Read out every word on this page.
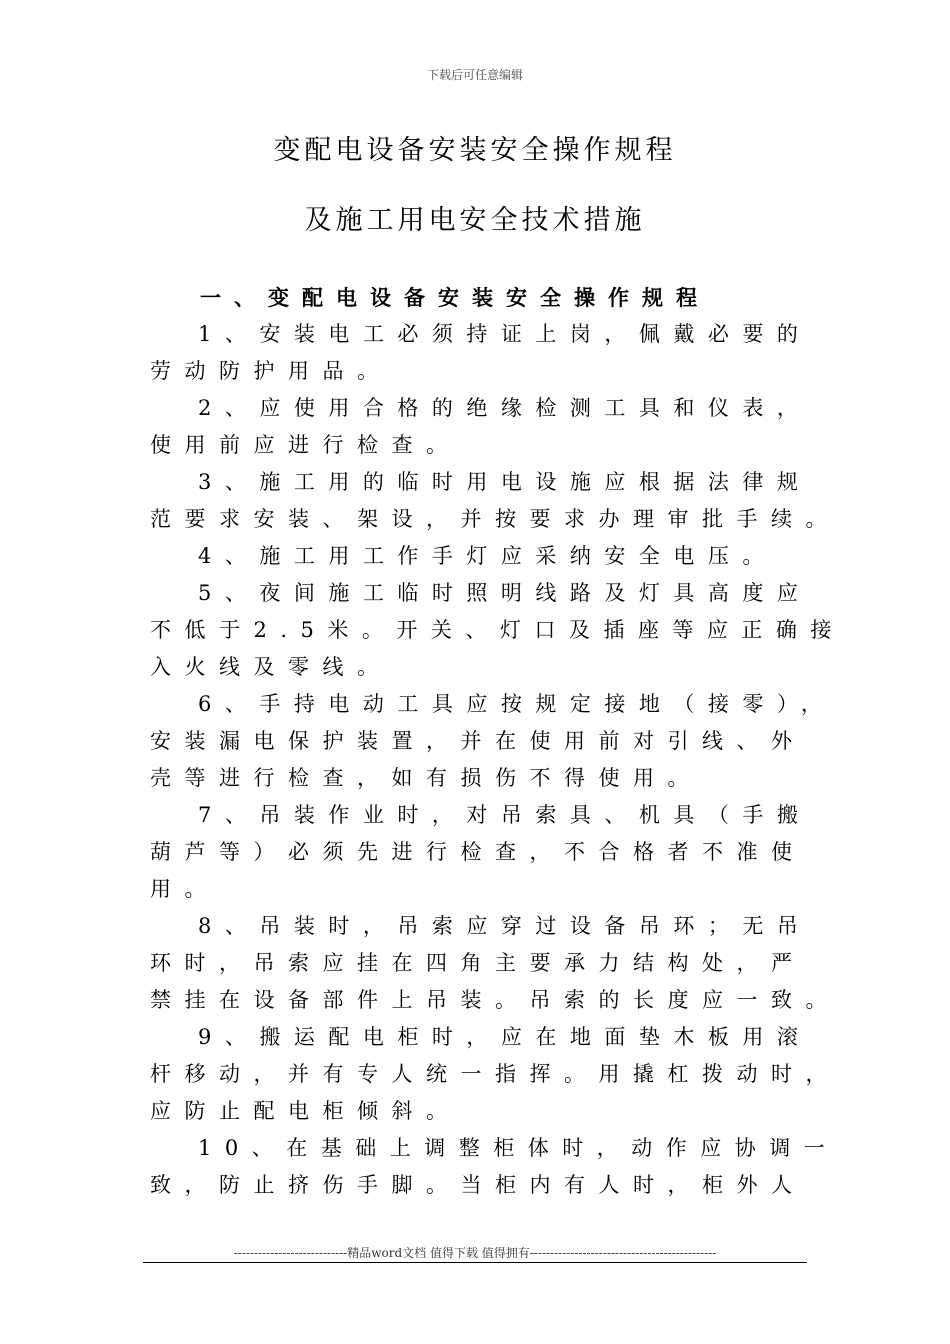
下载后可任意编辑
变配电设备安装安全操作规程
及施工用电安全技术措施
一、变配电设备安装安全操作规程
1、安装电工必须持证上岗，佩戴必要的
劳动防护用品。
2、应使用合格的绝缘检测工具和仪表，
使用前应进行检查。
3、施工用的临时用电设施应根据法律规
范要求安装、架设，并按要求办理审批手续。
4、施工用工作手灯应采纳安全电压。
5、夜间施工临时照明线路及灯具高度应
不低于2.5米。开关、灯口及插座等应正确接
入火线及零线。
6、手持电动工具应按规定接地（接零），
安装漏电保护装置，并在使用前对引线、外
壳等进行检查，如有损伤不得使用。
7、吊装作业时，对吊索具、机具（手搬
葫芦等）必须先进行检查，不合格者不准使
用。
8、吊装时，吊索应穿过设备吊环；无吊
环时，吊索应挂在四角主要承力结构处，严
禁挂在设备部件上吊装。吊索的长度应一致。
9、搬运配电柜时，应在地面垫木板用滚
杆移动，并有专人统一指挥。用撬杠拨动时，
应防止配电柜倾斜。
10、在基础上调整柜体时，动作应协调一
致，防止挤伤手脚。当柜内有人时，柜外人
----------------------------精品word文档 值得下载 值得拥有----------------------------------------------
